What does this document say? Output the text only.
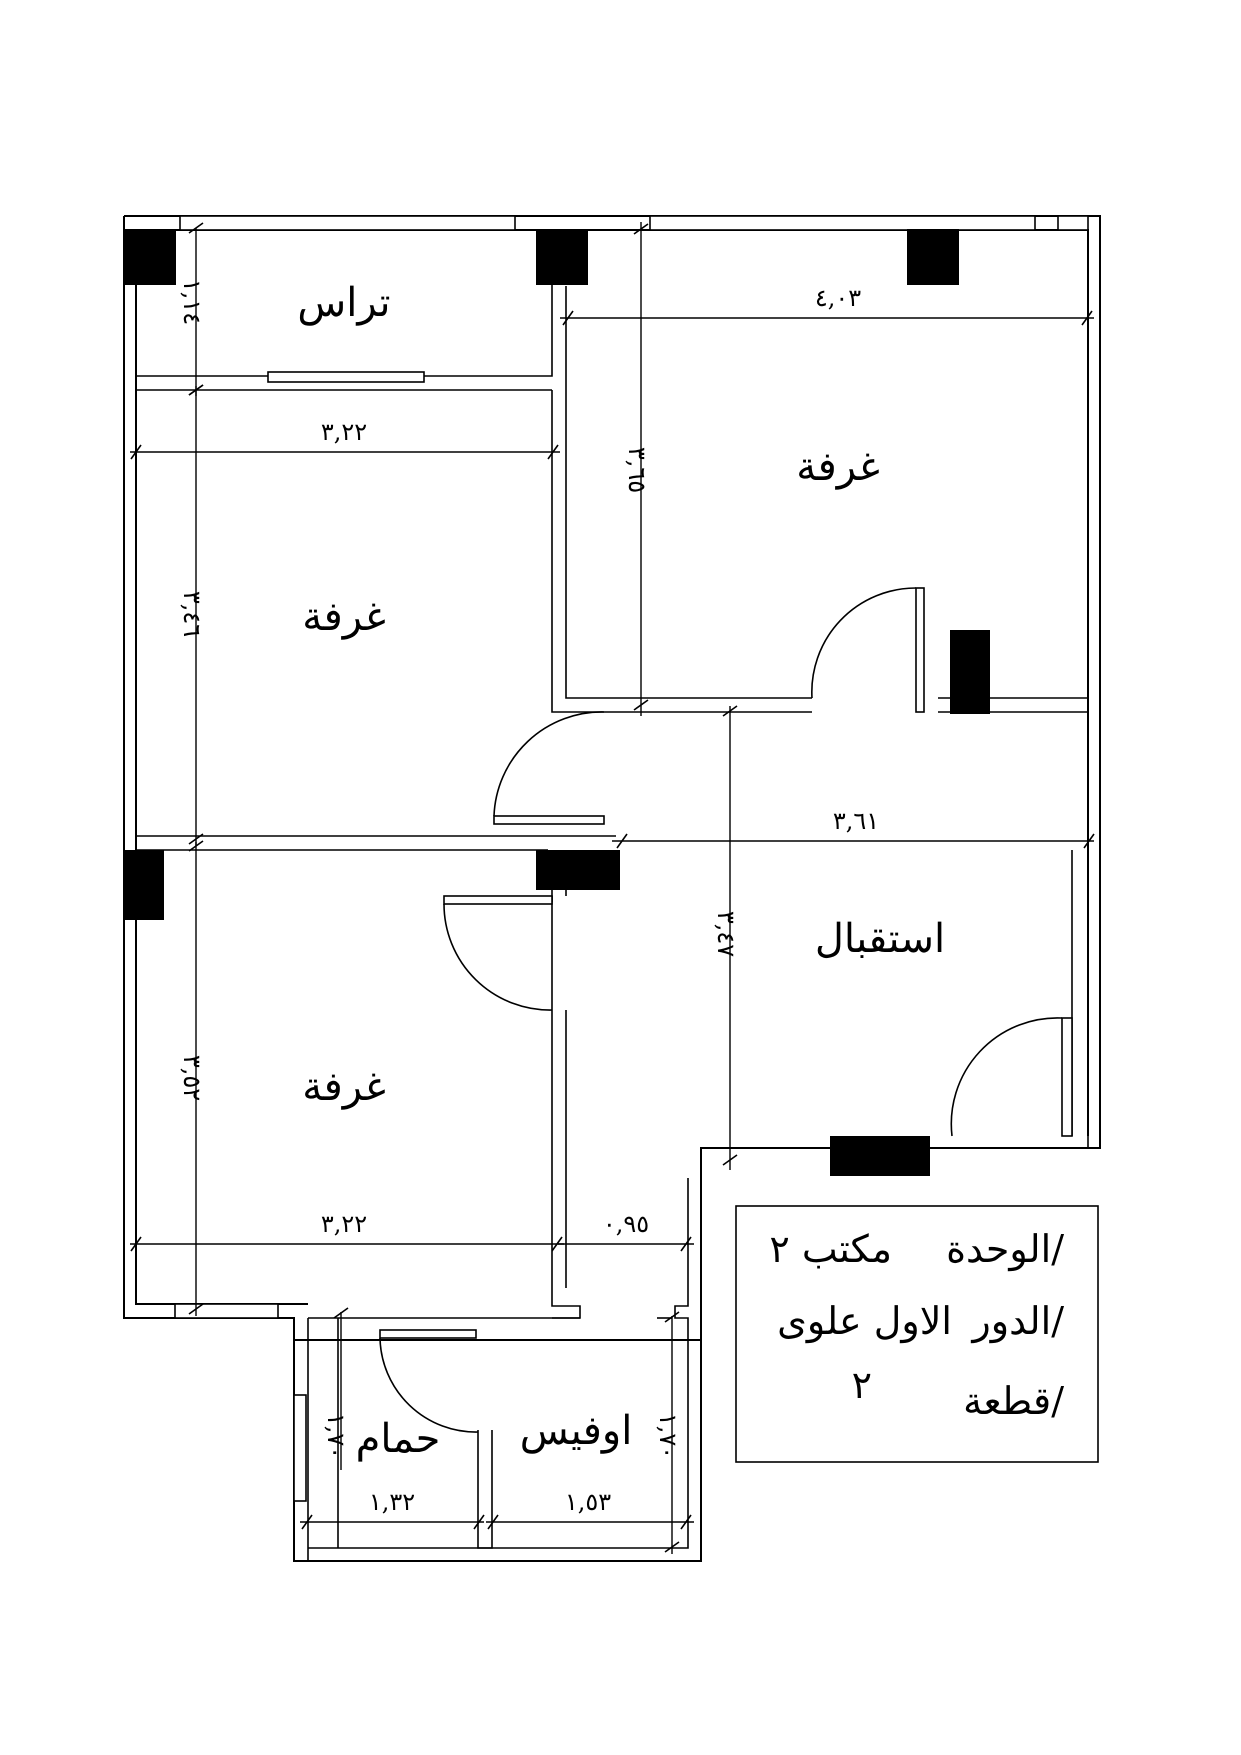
تراس
غرفة
غرفة
غرفة
استقبال
حمام اوفيس
١,١٤
٣,٢٢
٣,٤٦
٤,٠٣
٣,٦٥
٣,٦١
٣,٤٧
٣,٥٢
٣,٢٢	٠,٩٥
١,٣٢
١,٧٠
١,٥٣
١,٧٠
الوحدة/
مكتب ٢
الدور/
الاول علوى
قطعة/
٢
